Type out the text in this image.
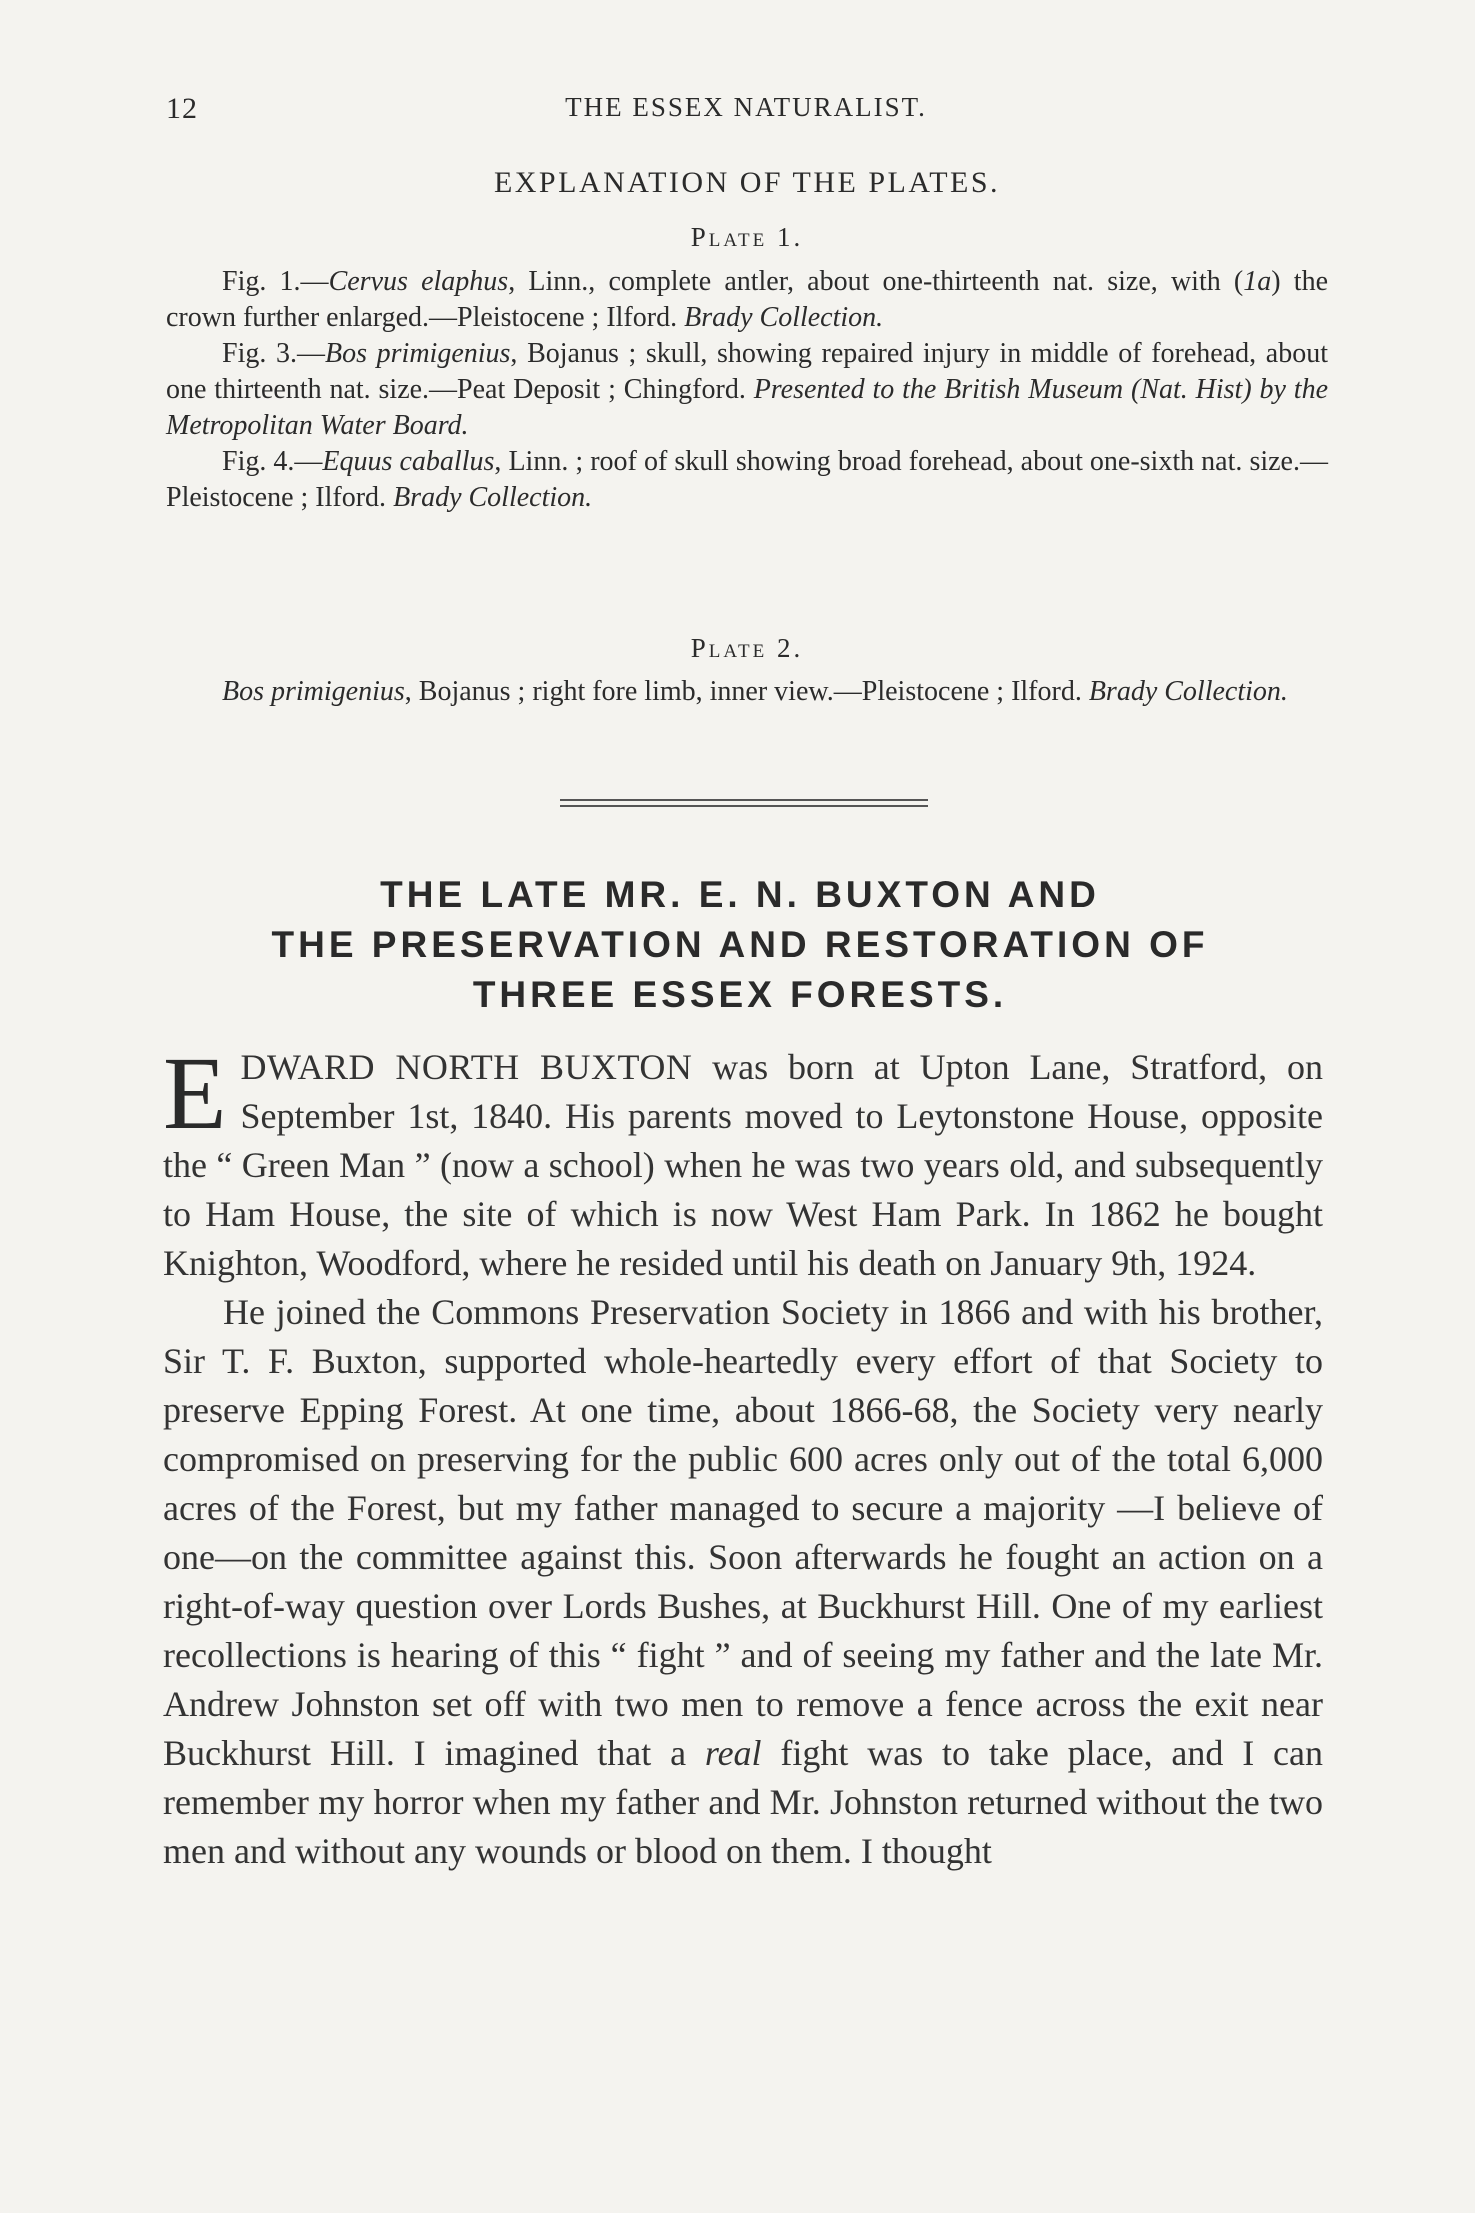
12	THE ESSEX NATURALIST.
EXPLANATION OF THE PLATES.
Plate 1.

Fig. 1.—Cervus elaphus, Linn., complete antler, about one-thirteenth nat. size, with (1a) the crown further enlarged.—Pleistocene ; Ilford. Brady Collection.

Fig. 3.—Bos primigenius, Bojanus ; skull, showing repaired injury in middle of forehead, about one thirteenth nat. size.—Peat Deposit ; Chingford. Presented to the British Museum (Nat. Hist) by the Metropolitan Water Board.

Fig. 4.—Equus caballus, Linn. ; roof of skull showing broad forehead, about one-sixth nat. size.—Pleistocene ; Ilford. Brady Collection.

Plate 2.

Bos primigenius, Bojanus ; right fore limb, inner view.—Pleistocene ; Ilford. Brady Collection.

THE LATE MR. E. N. BUXTON AND
THE PRESERVATION AND RESTORATION OF
THREE ESSEX FORESTS.

EDWARD NORTH BUXTON was born at Upton Lane, Stratford, on September 1st, 1840. His parents moved to Leytonstone House, opposite the “ Green Man ” (now a school) when he was two years old, and subsequently to Ham House, the site of which is now West Ham Park. In 1862 he bought Knighton, Woodford, where he resided until his death on January 9th, 1924.

He joined the Commons Preservation Society in 1866 and with his brother, Sir T. F. Buxton, supported whole-heartedly every effort of that Society to preserve Epping Forest. At one time, about 1866-68, the Society very nearly compromised on preserving for the public 600 acres only out of the total 6,000 acres of the Forest, but my father managed to secure a majority —I believe of one—on the committee against this. Soon afterwards he fought an action on a right-of-way question over Lords Bushes, at Buckhurst Hill. One of my earliest recollections is hearing of this “ fight ” and of seeing my father and the late Mr. Andrew Johnston set off with two men to remove a fence across the exit near Buckhurst Hill. I imagined that a real fight was to take place, and I can remember my horror when my father and Mr. Johnston returned without the two men and without any wounds or blood on them. I thought
